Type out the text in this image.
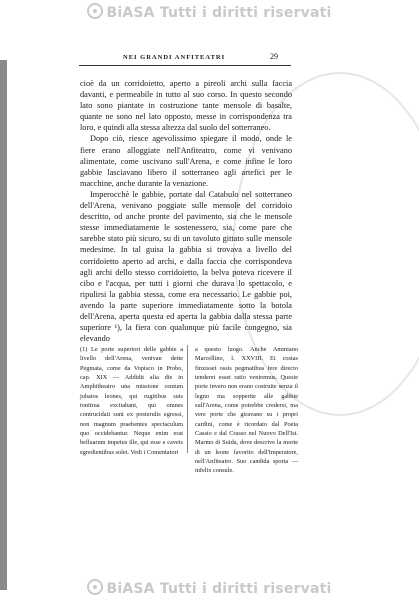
BiASA Tutti i diritti riservati
NEI GRANDI ANFITEATRI	29

cioè da un corridoietto, aperto a pireoli archi sulla faccia davanti, e permeabile in tutto al suo corso. In questo secondo lato sono piantate in costruzione tante mensole di basalte, quante ne sono nel lato opposto, messe in corrispondenza tra loro, e quindi alla stessa altezza dal suolo del sotterraneo.

Dopo ciò, riesce agevolissimo spiegare il modo, onde le fiere erano alloggiate nell'Anfiteatro, come vi venivano alimentate, come uscivano sull'Arena, e come infine le loro gabbie lasciavano libero il sotterraneo agli artefici per le macchine, anche durante la venazione.

Imperocchè le gabbie, portate dal Catabulo nel sotterraneo dell'Arena, venivano poggiate sulle mensole del corridoio descritto, od anche pronte del pavimento, sia che le mensole stesse immediatamente le sostenessero, sia, come pare che sarebbe stato più sicuro, su di un tavoluto gittato sulle mensole medesime. In tal guisa la gabbia si trovava a livello del corridoietto aperto ad archi, e dalla faccia che corrispondeva agli archi dello stesso corridoietto, la belva poteva ricevere il cibo e l'acqua, per tutti i giorni che durava lo spettacolo, e ripulirsi la gabbia stessa, come era necessario. Le gabbie poi, avendo la parte superiore immediatamente sotto la botola dell'Arena, aperta questa ed aperta la gabbia dalla stessa parte superiore ¹), la fiera con qualunque più facile congegno, sia elevando

(1) Le porte superiori delle gabbie a livello dell'Arena, venivan dette Pegmata, come da Vopisco in Probo, cap. XIX — Addidit alia die in Amphitheatro una missione centum jubatos leones, qui rugitibus suis tonitrua excitabant, qui omnes contrucidati sunt ex posterulis egressi, non magnum praebentes spectaculum quo occidebantur. Neque enim erat belluarum impetus ille, qui esse e caveis egredientibus solet. Vedi i Comentatori

a questo luogo. Anche Ammiano Marcellino, l. XXVIII. Et costas finxisset ossis pegmatibus fere directo tenderet esset ratio veniremus. Queste porte invero non erano costruite senza il legno ma sopperite alle gabbie sull'Arena, come potrebbe credersi, ma vere porte che giravano su i propri cardini, come è ricordato dal Poeta Cassio e dal Crasso nel Nuovo Dell'Ist. Marmo di Suida, dove descrive la morte di un leone favorito dell'Imperatore, nell'Anfiteatro. Suo candida sporta — infelix consule.

BiASA Tutti i diritti riservati
